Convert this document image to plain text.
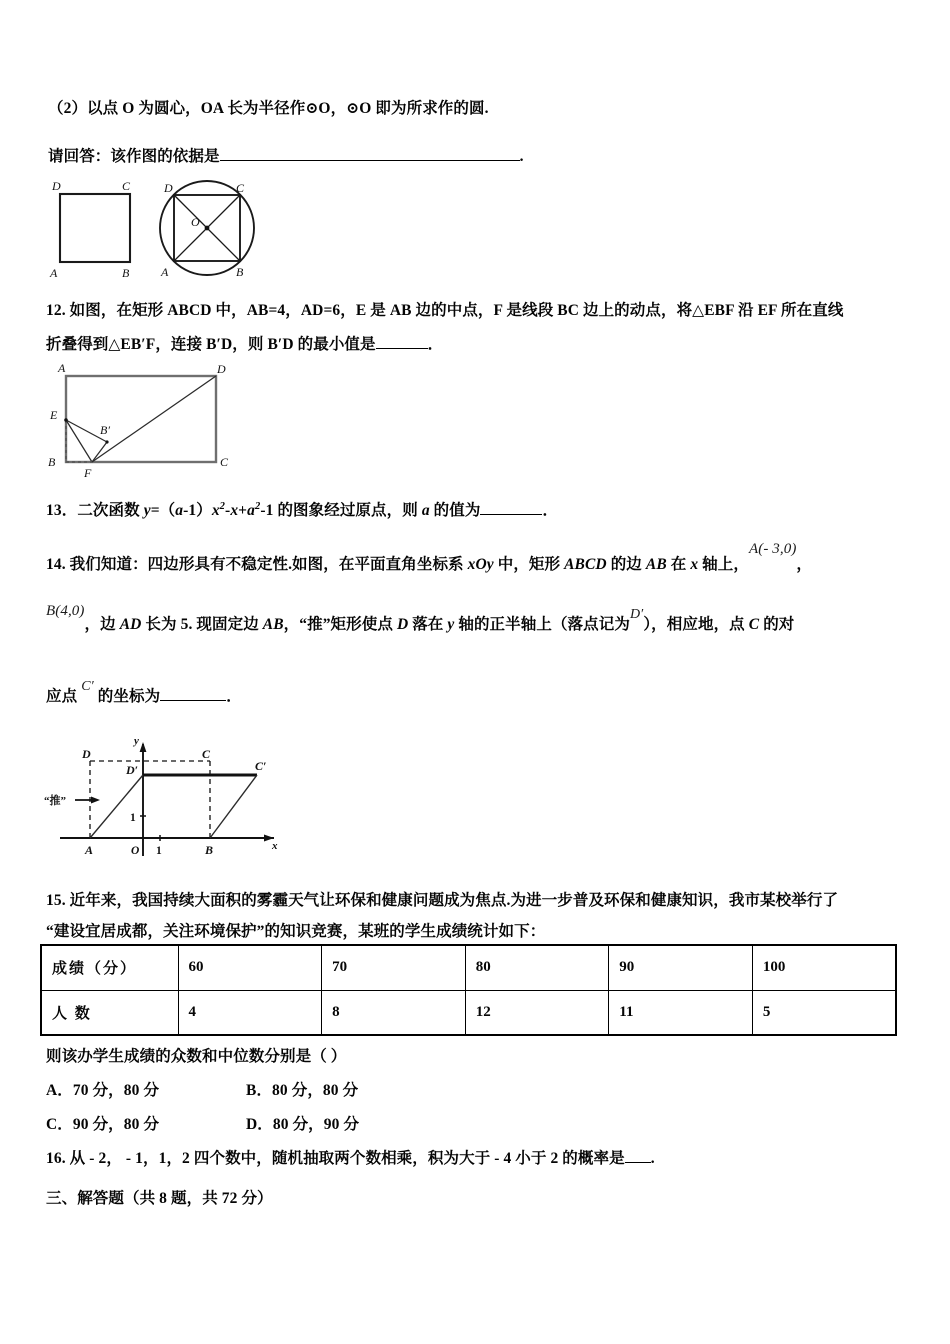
（2）以点 O 为圆心，OA 长为半径作⊙O，⊙O 即为所求作的圆.
请回答：该作图的依据是	.
D	C
A	B
D	C
A	B
O
12. 如图，在矩形 ABCD 中，AB=4，AD=6，E 是 AB 边的中点，F 是线段 BC 边上的动点，将△EBF 沿 EF 所在直线
折叠得到△EB′F，连接 B′D，则 B′D 的最小值是	．
A	D
E
B′
B
F
C
13．二次函数 $y=(a-1)x^2-x+a^2-1$ 的图象经过原点，则 a 的值为	．
14. 我们知道：四边形具有不稳定性.如图，在平面直角坐标系 xOy 中，矩形 ABCD 的边 AB 在 x 轴上，A(- 3,0)，
B(4,0)，边 AD 长为 5. 现固定边 AB，“推”矩形使点 D 落在 y 轴的正半轴上（落点记为D′），相应地，点 C 的对
应点 C′ 的坐标为	．
y
x
O 1
1
D	C
D′	C′
A	B
“推”
15. 近年来，我国持续大面积的雾霾天气让环保和健康问题成为焦点.为进一步普及环保和健康知识，我市某校举行了
“建设宜居成都，关注环境保护”的知识竞赛，某班的学生成绩统计如下：
成绩（分）	60	70	80	90	100
人 数	4	8	12	11	5
则该办学生成绩的众数和中位数分别是（ ）
A．70 分，80 分	B．80 分，80 分
C．90 分，80 分	D．80 分，90 分
16. 从 - 2， - 1，1，2 四个数中，随机抽取两个数相乘，积为大于 - 4 小于 2 的概率是 .
三、解答题（共 8 题，共 72 分）
